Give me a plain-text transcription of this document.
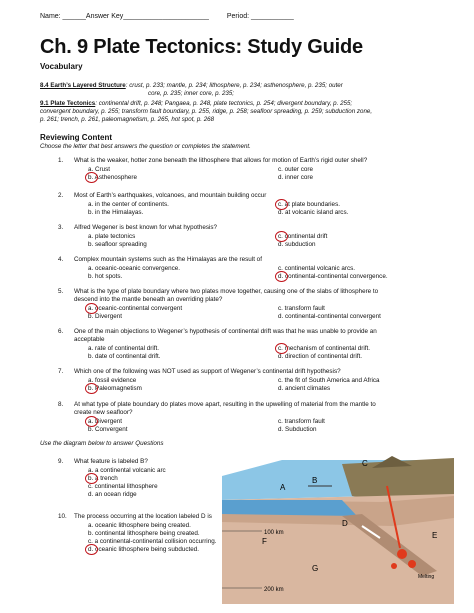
Name: ______Answer Key______________________	Period: ___________
Ch. 9 Plate Tectonics: Study Guide
Vocabulary
8.4 Earth’s Layered Structure: crust, p. 233; mantle, p. 234; lithosphere, p. 234; asthenosphere, p. 235; outer
core, p. 235; inner core, p. 235;
9.1 Plate Tectonics: continental drift, p. 248; Pangaea, p. 248, plate tectonics, p. 254; divergent boundary, p. 255;
convergent boundary, p. 255; transform fault boundary, p. 255, ridge, p. 258; seafloor spreading, p. 259; subduction zone,
p. 261; trench, p. 261, paleomagnetism, p. 265, hot spot, p. 268
Reviewing Content
Choose the letter that best answers the question or completes the statement.
1. What is the weaker, hotter zone beneath the lithosphere that allows for motion of Earth’s rigid outer shell?
a. Crust
b. Asthenosphere
c. outer core
d. inner core
2. Most of Earth’s earthquakes, volcanoes, and mountain building occur
a. in the center of continents.
b. in the Himalayas.
c. at plate boundaries.
d. at volcanic island arcs.
3. Alfred Wegener is best known for what hypothesis?
a. plate tectonics
b. seafloor spreading
c. continental drift
d. subduction
4. Complex mountain systems such as the Himalayas are the result of
a. oceanic-oceanic convergence.
b. hot spots.
c. continental volcanic arcs.
d. continental-continental convergence.
5. What is the type of plate boundary where two plates move together, causing one of the slabs of lithosphere to
descend into the mantle beneath an overriding plate?
a. oceanic-continental convergent
b. Divergent
c. transform fault
d. continental-continental convergent
6. One of the main objections to Wegener’s hypothesis of continental drift was that he was unable to provide an
acceptable
a. rate of continental drift.
b. date of continental drift.
c. mechanism of continental drift.
d. direction of continental drift.
7. Which one of the following was NOT used as support of Wegener’s continental drift hypothesis?
a. fossil evidence
b. Paleomagnetism
c. the fit of South America and Africa
d. ancient climates
8. At what type of plate boundary do plates move apart, resulting in the upwelling of material from the mantle to
create new seafloor?
a. Divergent
b. Convergent
c. transform fault
d. Subduction
Use the diagram below to answer Questions
9. What feature is labeled B?
a. a continental volcanic arc
b. a trench
c. continental lithosphere
d. an ocean ridge
10. The process occurring at the location labeled D is
a. oceanic lithosphere being created.
b. continental lithosphere being created.
c. a continental-continental collision occurring.
d. oceanic lithosphere being subducted.
A
B
C
D
E
F
G
100 km
200 km
Melting
